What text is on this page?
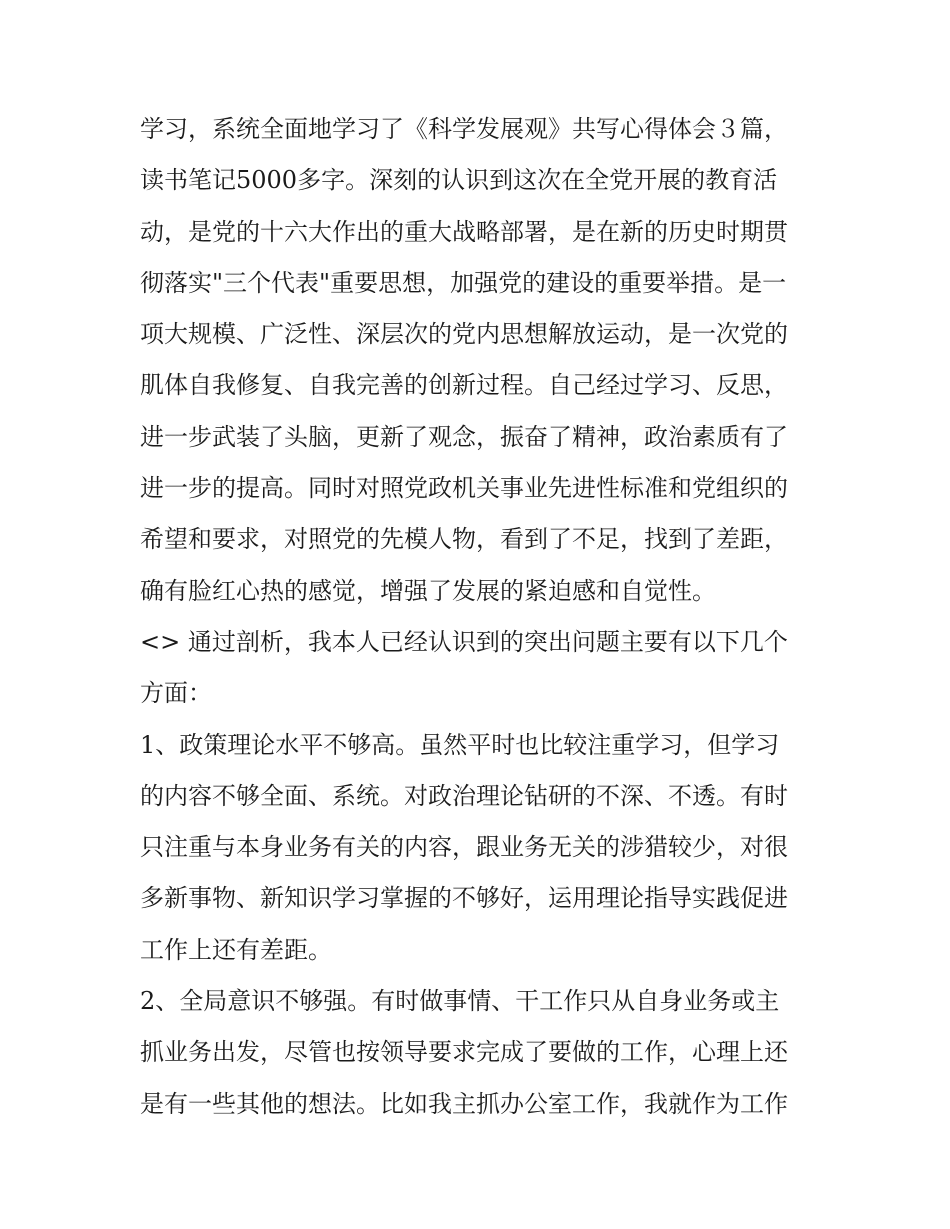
学习，系统全面地学习了《科学发展观》共写心得体会３篇，
读书笔记5000多字。深刻的认识到这次在全党开展的教育活
动，是党的十六大作出的重大战略部署，是在新的历史时期贯
彻落实"三个代表"重要思想，加强党的建设的重要举措。是一
项大规模、广泛性、深层次的党内思想解放运动，是一次党的
肌体自我修复、自我完善的创新过程。自己经过学习、反思，
进一步武装了头脑，更新了观念，振奋了精神，政治素质有了
进一步的提高。同时对照党政机关事业先进性标准和党组织的
希望和要求，对照党的先模人物，看到了不足，找到了差距，
确有脸红心热的感觉，增强了发展的紧迫感和自觉性。
<> 通过剖析，我本人已经认识到的突出问题主要有以下几个
方面：
1、政策理论水平不够高。虽然平时也比较注重学习，但学习
的内容不够全面、系统。对政治理论钻研的不深、不透。有时
只注重与本身业务有关的内容，跟业务无关的涉猎较少，对很
多新事物、新知识学习掌握的不够好，运用理论指导实践促进
工作上还有差距。
2、全局意识不够强。有时做事情、干工作只从自身业务或主
抓业务出发，尽管也按领导要求完成了要做的工作，心理上还
是有一些其他的想法。比如我主抓办公室工作，我就作为工作
